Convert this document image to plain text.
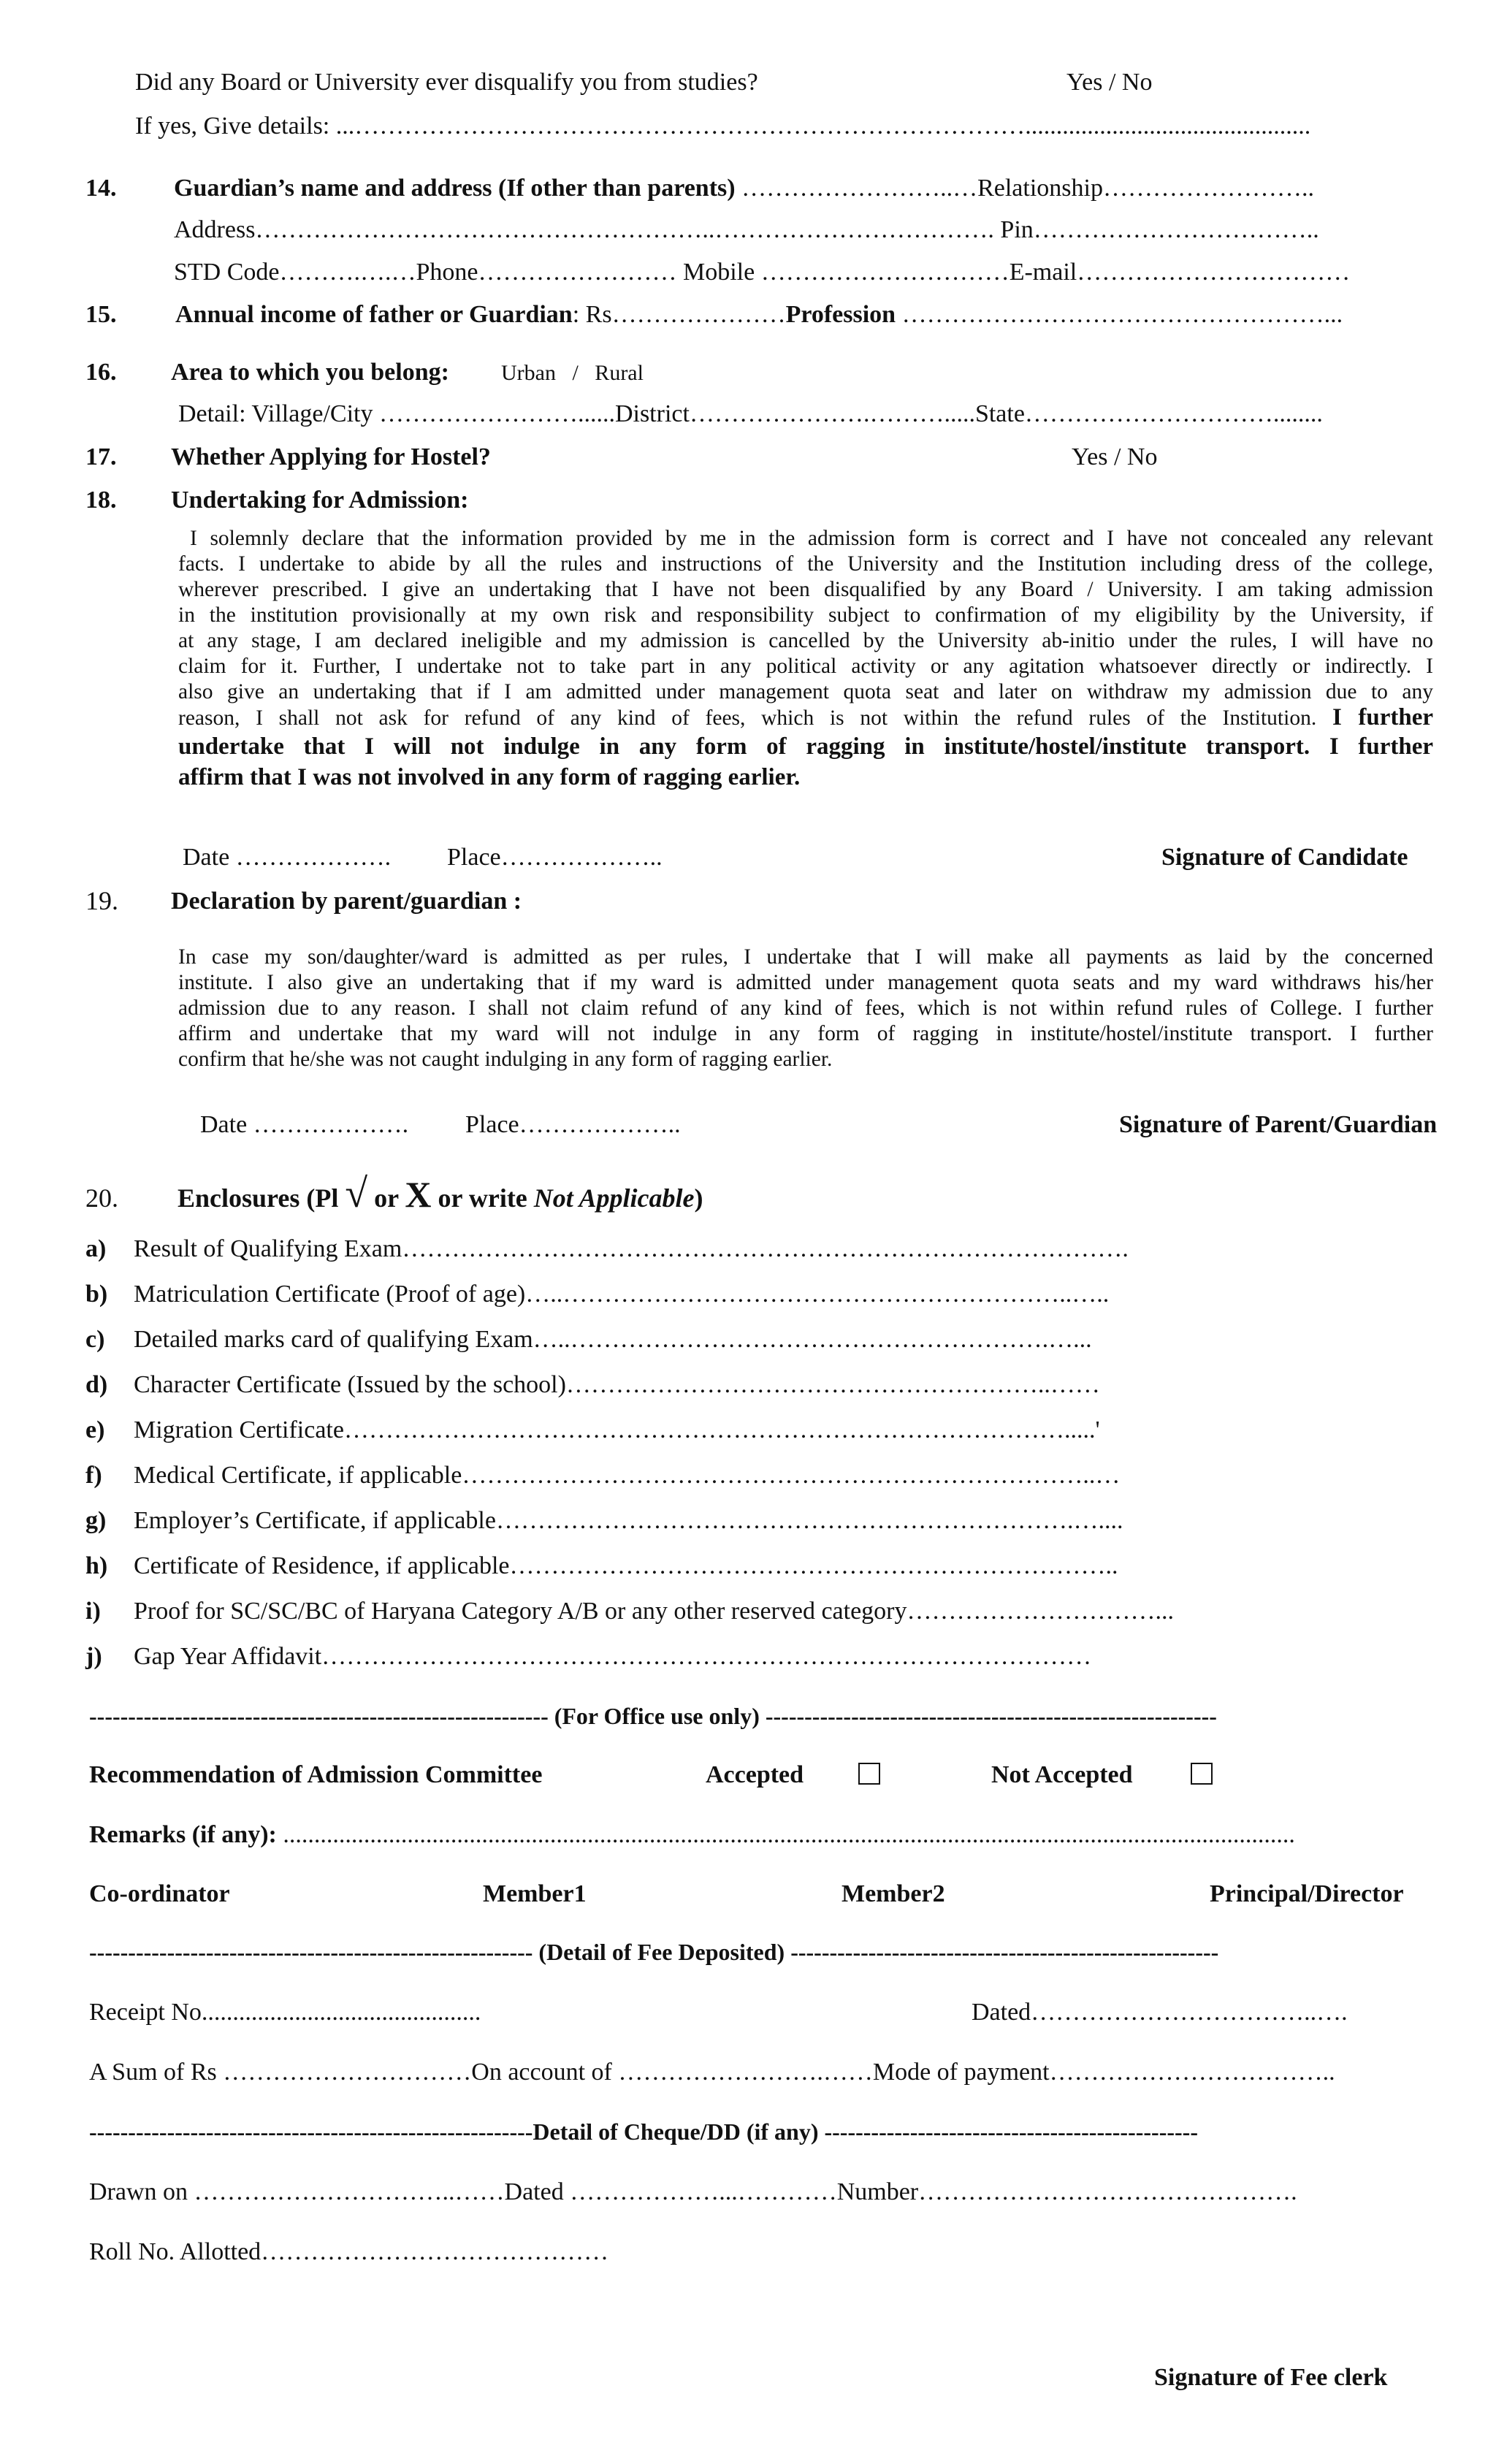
Did any Board or University ever disqualify you from studies?	Yes / No
If yes, Give details: ...………………………………………………………………………..............................................
14. Guardian’s name and address (If other than parents) ……………………..…Relationship……………………..
Address………………………………………………..……………………………. Pin……………………………..
STD Code……….….…Phone…………………… Mobile …………………………E-mail……………………………
15. Annual income of father or Guardian: Rs…………………Profession ……………………………………………...
16. Area to which you belong: Urban   /   Rural
Detail: Village/City ……………………......District………………….……….....State…………………………........
17. Whether Applying for Hostel?	Yes / No
18. Undertaking for Admission:
I solemnly declare that the information provided by me in the admission form is correct and I have not concealed any relevant
facts. I undertake to abide by all the rules and instructions of the University and the Institution including dress of the college,
wherever prescribed. I give an undertaking that I have not been disqualified by any Board / University. I am taking admission
in the institution provisionally at my own risk and responsibility subject to confirmation of my eligibility by the University, if
at any stage, I am declared ineligible and my admission is cancelled by the University ab-initio under the rules, I will have no
claim for it. Further, I undertake not to take part in any political activity or any agitation whatsoever directly or indirectly. I
also give an undertaking that if I am admitted under management quota seat and later on withdraw my admission due to any
reason, I shall not ask for refund of any kind of fees, which is not within the refund rules of the Institution. I further
undertake that I will not indulge in any form of ragging in institute/hostel/institute transport. I further
affirm that I was not involved in any form of ragging earlier.
Date ………………. Place………………..	Signature of Candidate
19. Declaration by parent/guardian :
In case my son/daughter/ward is admitted as per rules, I undertake that I will make all payments as laid by the concerned
institute. I also give an undertaking that if my ward is admitted under management quota seats and my ward withdraws his/her
admission due to any reason. I shall not claim refund of any kind of fees, which is not within refund rules of College. I further
affirm and undertake that my ward will not indulge in any form of ragging in institute/hostel/institute transport. I further
confirm that he/she was not caught indulging in any form of ragging earlier.
Date ………………. Place………………..	Signature of Parent/Guardian
20. Enclosures (Pl √ or X or write Not Applicable)
a) Result of Qualifying Exam…………………………………………………………………………….
b) Matriculation Certificate (Proof of age)…..……………………………………………………..…..
c) Detailed marks card of qualifying Exam…..………………………………………………….…...
d) Character Certificate (Issued by the school)…………………………………………………..……
e) Migration Certificate…………………………………………………………………………….....'
f) Medical Certificate, if applicable…………………………………………………………………..…
g) Employer’s Certificate, if applicable…………………………………………………………….…....
h) Certificate of Residence, if applicable………………………………………………………………..
i) Proof for SC/SC/BC of Haryana Category A/B or any other reserved category…………………………...
j) Gap Year Affidavit…………………………………………………………………………………
----------------------------------------------------------- (For Office use only) ----------------------------------------------------------
Recommendation of Admission Committee	Accepted	Not Accepted
Remarks (if any): ...................................................................................................................................................................
Co-ordinator	Member1	Member2	Principal/Director
--------------------------------------------------------- (Detail of Fee Deposited) -------------------------------------------------------
Receipt No.............................................	Dated……………………………..….
A Sum of Rs …………………………On account of …………………….……Mode of payment……………………………..
---------------------------------------------------------Detail of Cheque/DD (if any) ------------------------------------------------
Drawn on …………………………..……Dated ………………...…………Number……………………………………….
Roll No. Allotted……………………………………
Signature of Fee clerk
